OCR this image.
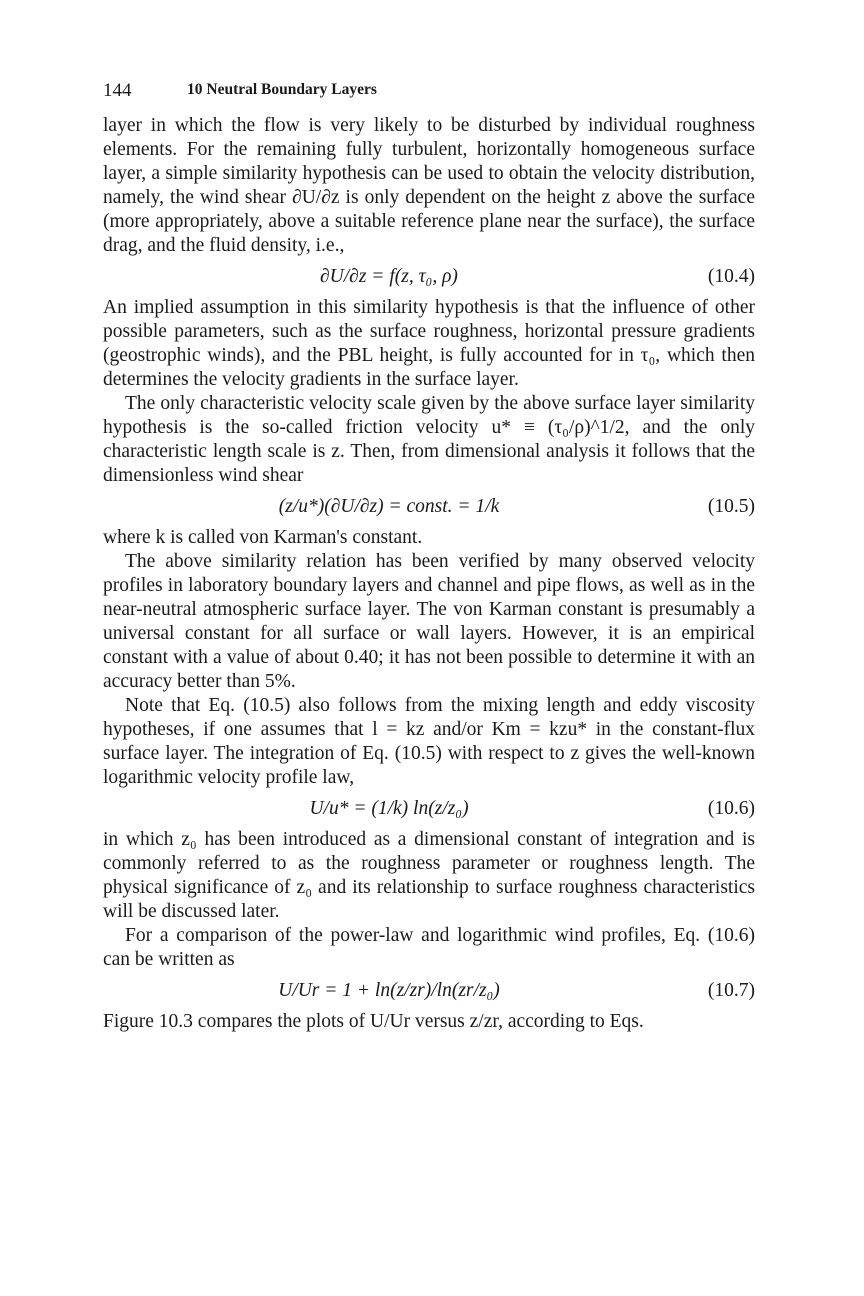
144	10 Neutral Boundary Layers

layer in which the flow is very likely to be disturbed by individual roughness elements. For the remaining fully turbulent, horizontally homogeneous surface layer, a simple similarity hypothesis can be used to obtain the velocity distribution, namely, the wind shear ∂U/∂z is only dependent on the height z above the surface (more appropriately, above a suitable reference plane near the surface), the surface drag, and the fluid density, i.e.,

∂U/∂z = f(z, τ₀, ρ)	(10.4)

An implied assumption in this similarity hypothesis is that the influence of other possible parameters, such as the surface roughness, horizontal pressure gradients (geostrophic winds), and the PBL height, is fully accounted for in τ₀, which then determines the velocity gradients in the surface layer.

The only characteristic velocity scale given by the above surface layer similarity hypothesis is the so-called friction velocity u* ≡ (τ₀/ρ)^1/2, and the only characteristic length scale is z. Then, from dimensional analysis it follows that the dimensionless wind shear

(z/u*)(∂U/∂z) = const. = 1/k	(10.5)

where k is called von Karman's constant.

The above similarity relation has been verified by many observed velocity profiles in laboratory boundary layers and channel and pipe flows, as well as in the near-neutral atmospheric surface layer. The von Karman constant is presumably a universal constant for all surface or wall layers. However, it is an empirical constant with a value of about 0.40; it has not been possible to determine it with an accuracy better than 5%.

Note that Eq. (10.5) also follows from the mixing length and eddy viscosity hypotheses, if one assumes that l = kz and/or Km = kzu* in the constant-flux surface layer. The integration of Eq. (10.5) with respect to z gives the well-known logarithmic velocity profile law,

U/u* = (1/k) ln(z/z₀)	(10.6)

in which z₀ has been introduced as a dimensional constant of integration and is commonly referred to as the roughness parameter or roughness length. The physical significance of z₀ and its relationship to surface roughness characteristics will be discussed later.

For a comparison of the power-law and logarithmic wind profiles, Eq. (10.6) can be written as

U/Ur = 1 + ln(z/zr)/ln(zr/z₀)	(10.7)

Figure 10.3 compares the plots of U/Ur versus z/zr, according to Eqs.
